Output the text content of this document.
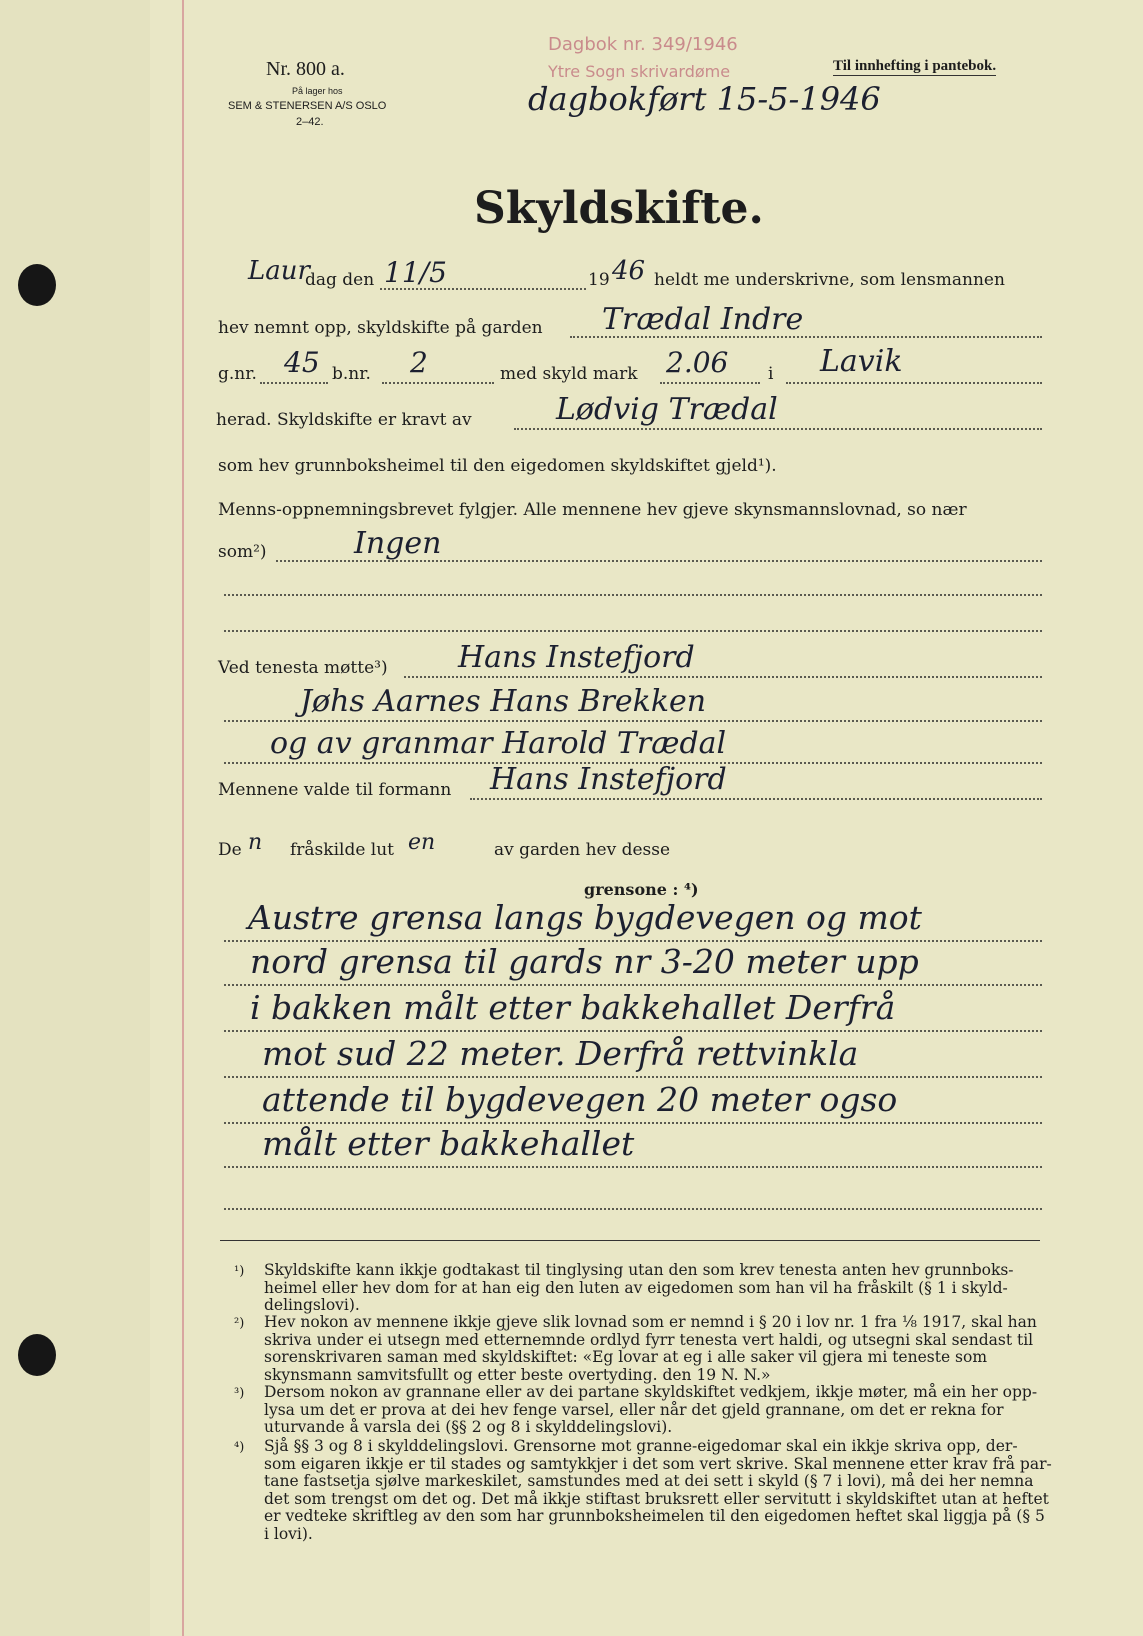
Nr. 800 a.
På lager hos
SEM & STENERSEN A/S OSLO
2–42.
Dagbok nr. 349/1946
Ytre Sogn skrivardøme
dagbokført 15-5-1946
Til innhefting i pantebok.
Skyldskifte.
Laur
dag den 11/5	19 46 heldt me underskrivne, som lensmannen
hev nemnt opp, skyldskifte på garden Trædal Indre
g.nr. 45 b.nr. 2	med skyld mark 2.06 i Lavik
herad. Skyldskifte er kravt av	Lødvig Trædal
som hev grunnboksheimel til den eigedomen skyldskiftet gjeld¹).
Menns-oppnemningsbrevet fylgjer. Alle mennene hev gjeve skynsmannslovnad, so nær
som²)	Ingen
Ved tenesta møtte³) Hans Instefjord
Jøhs Aarnes Hans Brekken
og av granmar Harold Trædal
Mennene valde til formann Hans Instefjord
De n fråskilde lut en	av garden hev desse
grensone : ⁴)
Austre grensa langs bygdevegen og mot
nord grensa til gards nr 3-20 meter upp
i bakken målt etter bakkehallet Derfrå
mot sud 22 meter. Derfrå rettvinkla
attende til bygdevegen 20 meter ogso
målt etter bakkehallet
¹) Skyldskifte kann ikkje godtakast til tinglysing utan den som krev tenesta anten hev grunnboks- heimel eller hev dom for at han eig den luten av eigedomen som han vil ha fråskilt (§ 1 i skyld- delingslovi).
²) Hev nokon av mennene ikkje gjeve slik lovnad som er nemnd i § 20 i lov nr. 1 fra ⅛ 1917, skal han skriva under ei utsegn med etternemnde ordlyd fyrr tenesta vert haldi, og utsegni skal sendast til sorenskrivaren saman med skyldskiftet: «Eg lovar at eg i alle saker vil gjera mi teneste som skynsmann samvitsfullt og etter beste overtyding. den 19 N. N.»
³) Dersom nokon av grannane eller av dei partane skyldskiftet vedkjem, ikkje møter, må ein her opp- lysa um det er prova at dei hev fenge varsel, eller når det gjeld grannane, om det er rekna for uturvande å varsla dei (§§ 2 og 8 i skylddelingslovi).
⁴) Sjå §§ 3 og 8 i skylddelingslovi. Grensorne mot granne-eigedomar skal ein ikkje skriva opp, der- som eigaren ikkje er til stades og samtykkjer i det som vert skrive. Skal mennene etter krav frå par- tane fastsetja sjølve markeskilet, samstundes med at dei sett i skyld (§ 7 i lovi), må dei her nemna det som trengst om det og. Det må ikkje stiftast bruksrett eller servitutt i skyldskiftet utan at heftet er vedteke skriftleg av den som har grunnboksheimelen til den eigedomen heftet skal liggja på (§ 5 i lovi).
